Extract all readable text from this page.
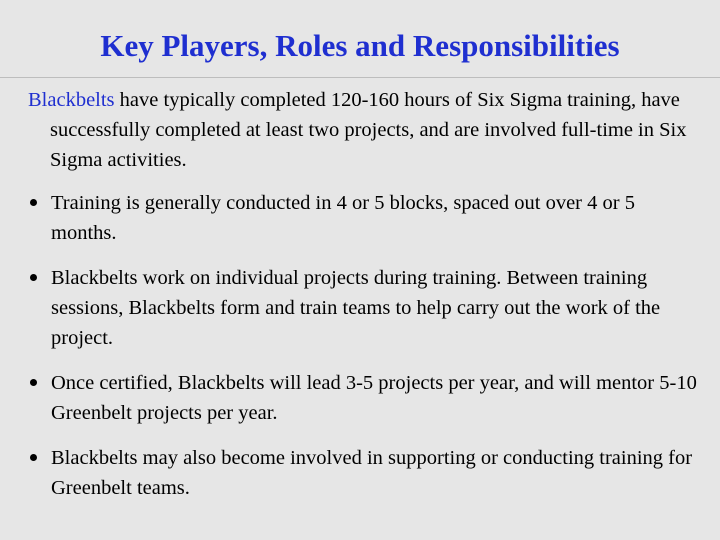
Key Players, Roles and Responsibilities

Blackbelts have typically completed 120-160 hours of Six Sigma training, have successfully completed at least two projects, and are involved full-time in Six Sigma activities.

Training is generally conducted in 4 or 5 blocks, spaced out over 4 or 5 months.
Blackbelts work on individual projects during training. Between training sessions, Blackbelts form and train teams to help carry out the work of the project.
Once certified, Blackbelts will lead 3-5 projects per year, and will mentor 5-10 Greenbelt projects per year.
Blackbelts may also become involved in supporting or conducting training for Greenbelt teams.
